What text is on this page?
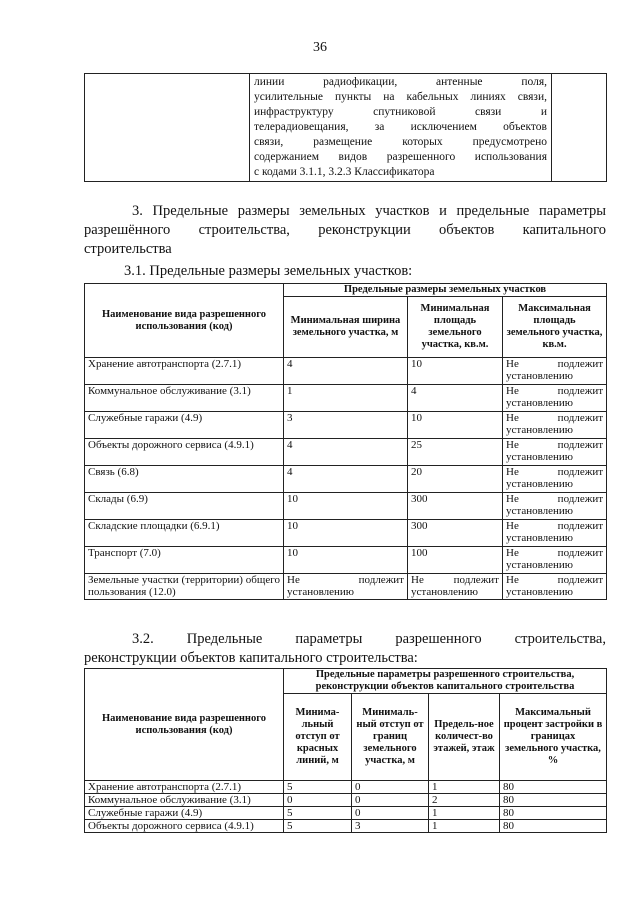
36

линии радиофикации, антенные поля,
усилительные пункты на кабельных линиях связи,
инфраструктуру спутниковой связи и
телерадиовещания, за исключением объектов
связи, размещение которых предусмотрено
содержанием видов разрешенного использования
с кодами 3.1.1, 3.2.3 Классификатора

3. Предельные размеры земельных участков и предельные параметры
разрешённого строительства, реконструкции объектов капитального
строительства
3.1. Предельные размеры земельных участков:
Наименование вида разрешенного использования (код)	Предельные размеры земельных участков		
	Минимальная ширина земельного участка, м	Минимальная площадь земельного участка, кв.м.	Максимальная площадь земельного участка, кв.м.
Хранение автотранспорта (2.7.1)	4	10	Не подлежит установлению
Коммунальное обслуживание (3.1)	1	4	Не подлежит установлению
Служебные гаражи (4.9)	3	10	Не подлежит установлению
Объекты дорожного сервиса (4.9.1)	4	25	Не подлежит установлению
Связь (6.8)	4	20	Не подлежит установлению
Склады (6.9)	10	300	Не подлежит установлению
Складские площадки (6.9.1)	10	300	Не подлежит установлению
Транспорт (7.0)	10	100	Не подлежит установлению
Земельные участки (территории) общего пользования (12.0)	Не подлежит установлению	Не подлежит установлению	Не подлежит установлению
3.2. Предельные параметры разрешенного строительства,
реконструкции объектов капитального строительства:
Наименование вида разрешенного использования (код)	Предельные параметры разрешенного строительства, реконструкции объектов капитального строительства			
	Минима-льный отступ от красных линий, м	Минималь-ный отступ от границ земельного участка, м	Предель-ное количест-во этажей, этаж	Максимальный процент застройки в границах земельного участка, %
Хранение автотранспорта (2.7.1)	5	0	1	80
Коммунальное обслуживание (3.1)	0	0	2	80
Служебные гаражи (4.9)	5	0	1	80
Объекты дорожного сервиса (4.9.1)	5	3	1	80
